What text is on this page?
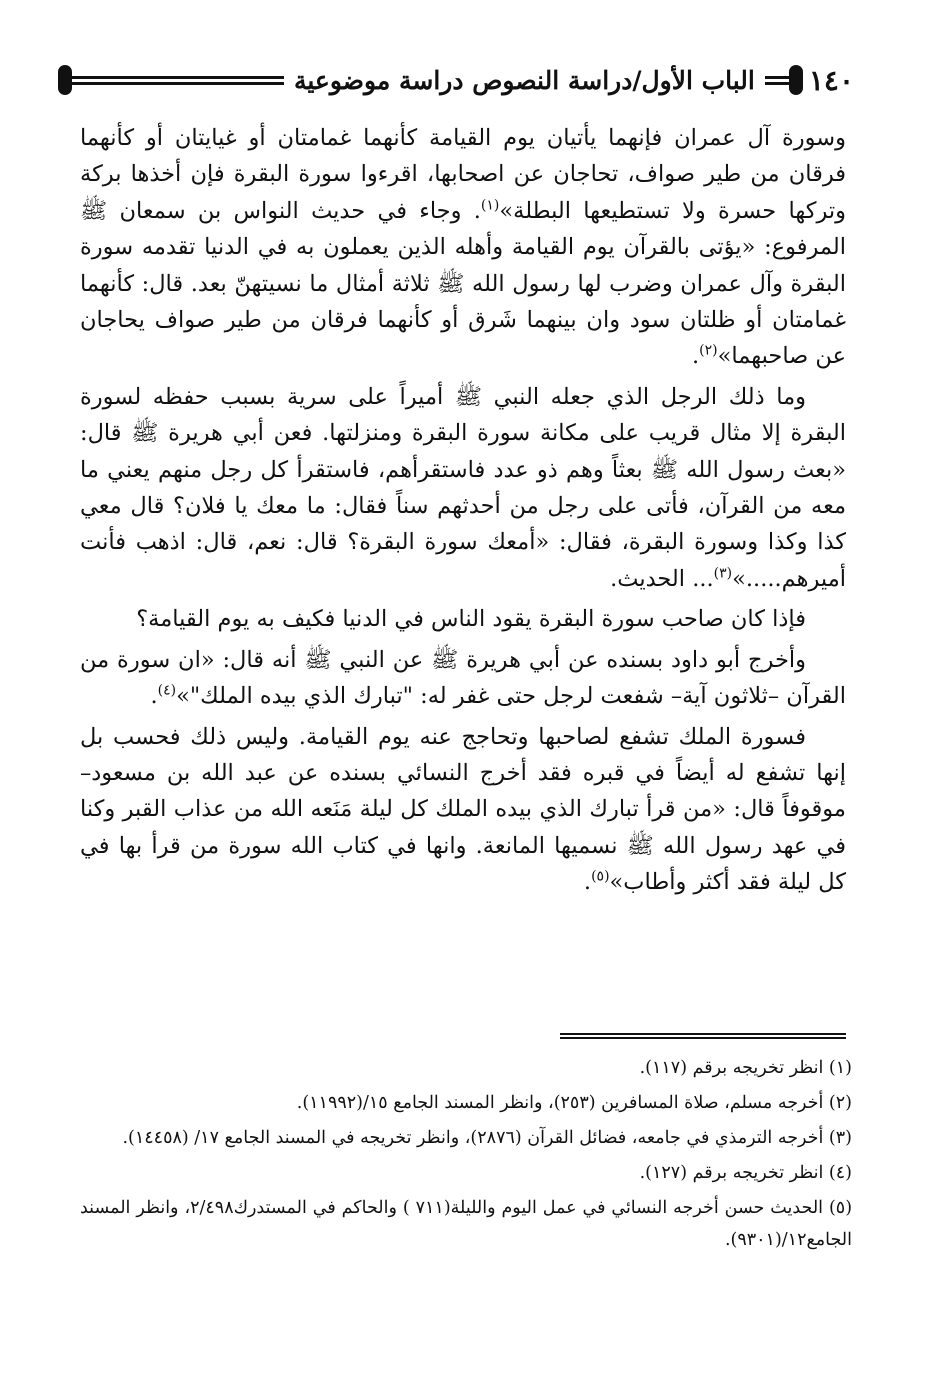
١٤٠
الباب الأول/دراسة النصوص دراسة موضوعية

وسورة آل عمران فإنهما يأتيان يوم القيامة كأنهما غمامتان أو غيايتان أو كأنهما فرقان من طير صواف، تحاجان عن اصحابها، اقرءوا سورة البقرة فإن أخذها بركة وتركها حسرة ولا تستطيعها البطلة»$^{(١)}$. وجاء في حديث النواس بن سمعان ﷺ المرفوع: «يؤتى بالقرآن يوم القيامة وأهله الذين يعملون به في الدنيا تقدمه سورة البقرة وآل عمران وضرب لها رسول الله ﷺ ثلاثة أمثال ما نسيتهنّ بعد. قال: كأنهما غمامتان أو ظلتان سود وان بينهما شَرق أو كأنهما فرقان من طير صواف يحاجان عن صاحبهما»$^{(٢)}$.

وما ذلك الرجل الذي جعله النبي ﷺ أميراً على سرية بسبب حفظه لسورة البقرة إلا مثال قريب على مكانة سورة البقرة ومنزلتها. فعن أبي هريرة ﷺ قال: «بعث رسول الله ﷺ بعثاً وهم ذو عدد فاستقرأهم، فاستقرأ كل رجل منهم يعني ما معه من القرآن، فأتى على رجل من أحدثهم سناً فقال: ما معك يا فلان؟ قال معي كذا وكذا وسورة البقرة، فقال: «أمعك سورة البقرة؟ قال: نعم، قال: اذهب فأنت أميرهم.....»$^{(٣)}$... الحديث.

فإذا كان صاحب سورة البقرة يقود الناس في الدنيا فكيف به يوم القيامة؟

وأخرج أبو داود بسنده عن أبي هريرة ﷺ عن النبي ﷺ أنه قال: «ان سورة من القرآن –ثلاثون آية– شفعت لرجل حتى غفر له: "تبارك الذي بيده الملك"»$^{(٤)}$.

فسورة الملك تشفع لصاحبها وتحاجج عنه يوم القيامة. وليس ذلك فحسب بل إنها تشفع له أيضاً في قبره فقد أخرج النسائي بسنده عن عبد الله بن مسعود– موقوفاً قال: «من قرأ تبارك الذي بيده الملك كل ليلة مَنَعه الله من عذاب القبر وكنا في عهد رسول الله ﷺ نسميها المانعة. وانها في كتاب الله سورة من قرأ بها في كل ليلة فقد أكثر وأطاب»$^{(٥)}$.

(١) انظر تخريجه برقم (١١٧).
(٢) أخرجه مسلم، صلاة المسافرين (٢٥٣)، وانظر المسند الجامع ١٥/(١١٩٩٢).
(٣) أخرجه الترمذي في جامعه، فضائل القرآن (٢٨٧٦)، وانظر تخريجه في المسند الجامع ١٧/ (١٤٤٥٨).
(٤) انظر تخريجه برقم (١٢٧).
(٥) الحديث حسن أخرجه النسائي في عمل اليوم والليلة(٧١١ ) والحاكم في المستدرك٢/٤٩٨، وانظر المسند الجامع١٢/(٩٣٠١).
